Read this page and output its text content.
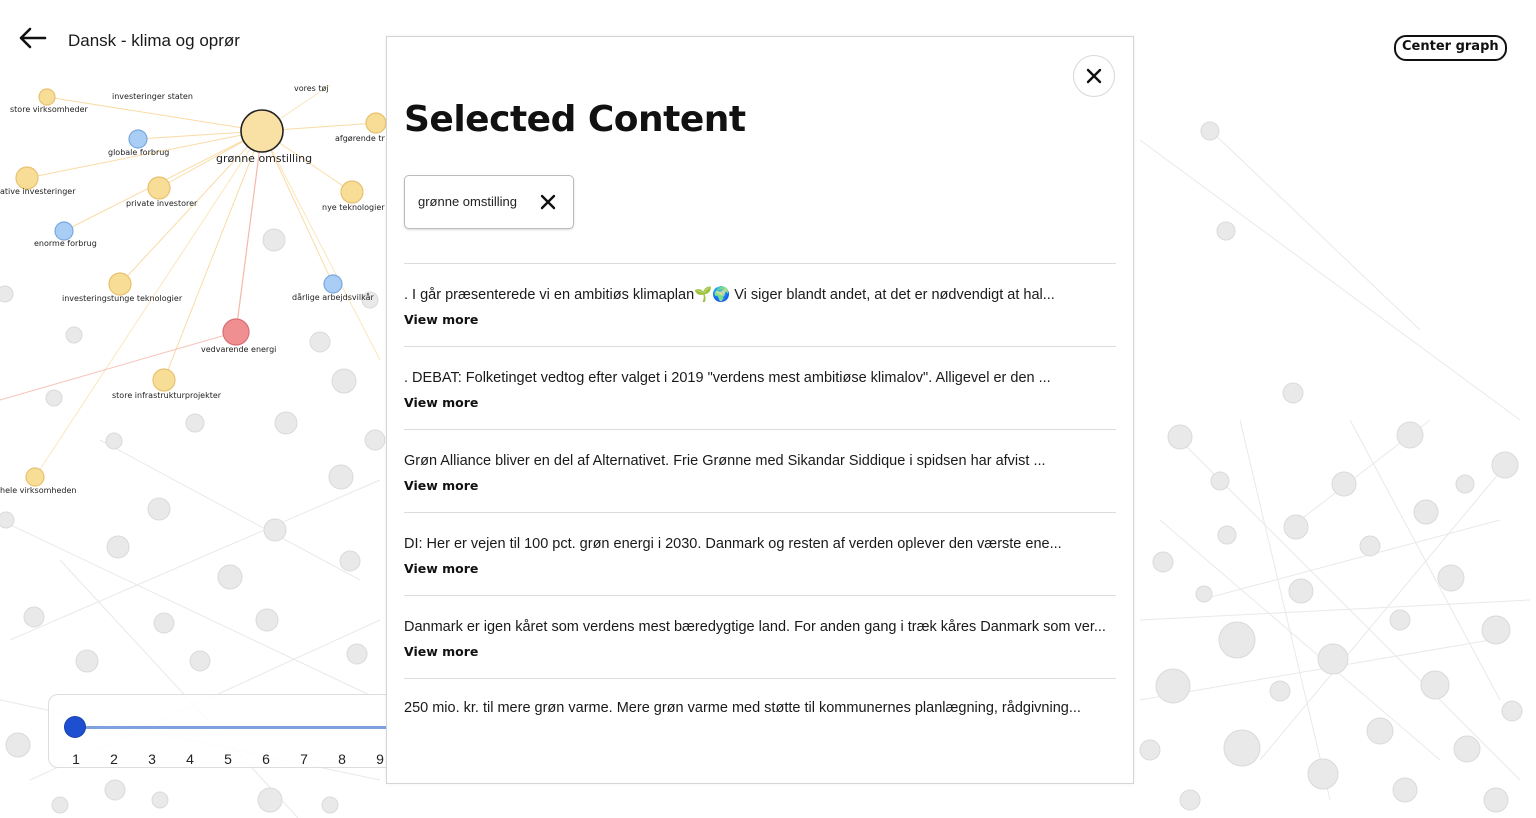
grønne omstilling
investeringer staten
vores tøj
store virksomheder
globale forbrug
afgørende tr
ative investeringer
private investorer	nye teknologier
enorme forbrug
investeringstunge teknologier	dårlige arbejdsvilkår
vedvarende energi
store infrastrukturprojekter
hele virksomheden
Dansk - klima og oprør	Center graph
1 2 3 4 5 6 7 8 9
Selected Content
grønne omstilling
. I går præsenterede vi en ambitiøs klimaplan🌱🌍 Vi siger blandt andet, at det er nødvendigt at hal...
View more
. DEBAT: Folketinget vedtog efter valget i 2019 "verdens mest ambitiøse klimalov". Alligevel er den ...
View more
Grøn Alliance bliver en del af Alternativet. Frie Grønne med Sikandar Siddique i spidsen har afvist ...
View more
DI: Her er vejen til 100 pct. grøn energi i 2030. Danmark og resten af verden oplever den værste ene...
View more
Danmark er igen kåret som verdens mest bæredygtige land. For anden gang i træk kåres Danmark som ver...
View more
250 mio. kr. til mere grøn varme. Mere grøn varme med støtte til kommunernes planlægning, rådgivning...
